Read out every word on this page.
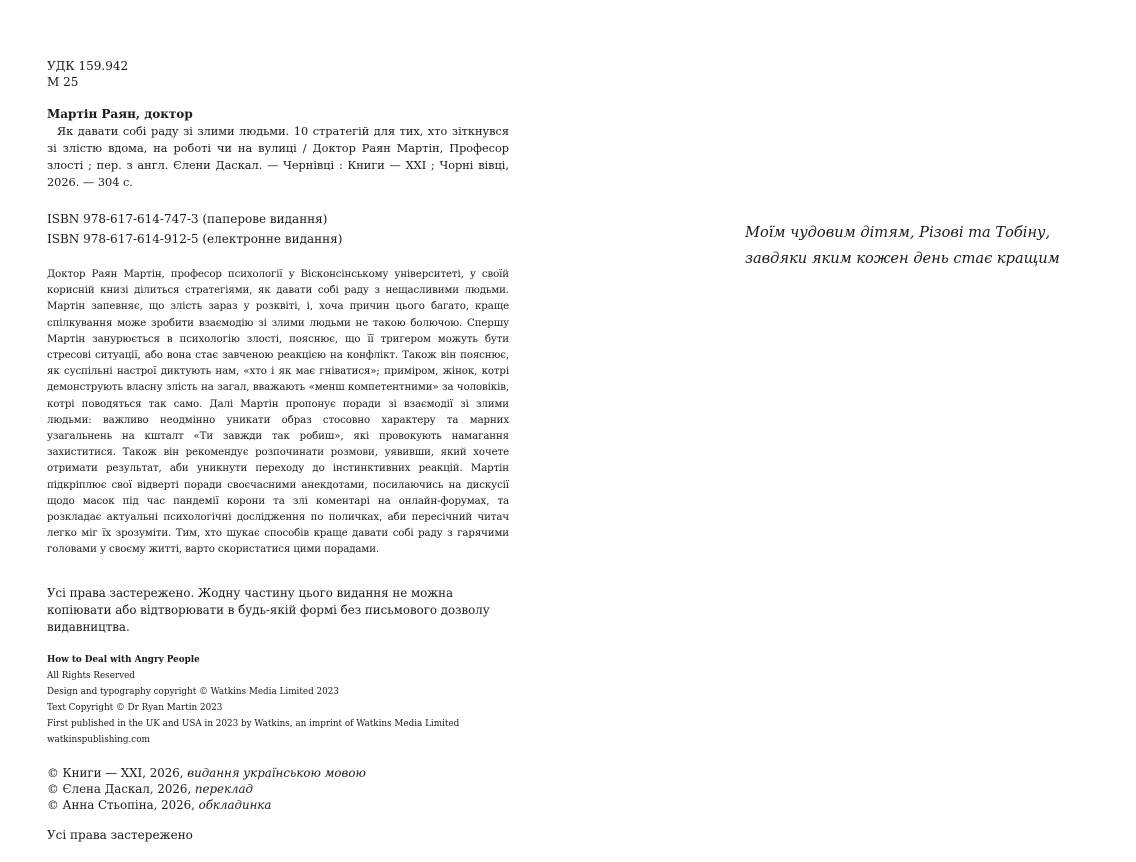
УДК 159.942
М 25
Мартін Раян, доктор

Як давати собі раду зі злими людьми. 10 стратегій для тих, хто зіткнувся зі злістю вдома, на роботі чи на вулиці / Доктор Раян Мартін, Професор злості ; пер. з англ. Єлени Даскал. — Чернівці : Книги — XXI ; Чорні вівці, 2026. — 304 с.

ISBN 978-617-614-747-3 (паперове видання)
ISBN 978-617-614-912-5 (електронне видання)

Доктор Раян Мартін, професор психології у Вісконсінському університеті, у своїй корисній книзі ділиться стратегіями, як давати собі раду з нещасливими людьми. Мартін запевняє, що злість зараз у розквіті, і, хоча причин цього багато, краще спілкування може зробити взаємодію зі злими людьми не такою болючою. Спершу Мартін занурюється в психологію злості, пояснює, що її тригером можуть бути стресові ситуації, або вона стає завченою реакцією на конфлікт. Також він пояснює, як суспільні настрої диктують нам, «хто і як має гніватися»; приміром, жінок, котрі демонструють власну злість на загал, вважають «менш компетентними» за чоловіків, котрі поводяться так само. Далі Мартін пропонує поради зі взаємодії зі злими людьми: важливо неодмінно уникати образ стосовно характеру та марних узагальнень на кшталт «Ти завжди так робиш», які провокують намагання захиститися. Також він рекомендує розпочинати розмови, уявивши, який хочете отримати результат, аби уникнути переходу до інстинктивних реакцій. Мартін підкріплює свої відверті поради своєчасними анекдотами, посилаючись на дискусії щодо масок під час пандемії корони та злі коментарі на онлайн-форумах, та розкладає актуальні психологічні дослідження по поличках, аби пересічний читач легко міг їх зрозуміти. Тим, хто шукає способів краще давати собі раду з гарячими головами у своєму житті, варто скористатися цими порадами.

Усі права застережено. Жодну частину цього видання не можна копіювати або відтворювати в будь-якій формі без письмового дозволу видавництва.

How to Deal with Angry People
All Rights Reserved
Design and typography copyright © Watkins Media Limited 2023
Text Copyright © Dr Ryan Martin 2023
First published in the UK and USA in 2023 by Watkins, an imprint of Watkins Media Limited
watkinspublishing.com
© Книги — XXI, 2026, видання українською мовою
© Єлена Даскал, 2026, переклад
© Анна Стьопіна, 2026, обкладинка
Усі права застережено
Моїм чудовим дітям, Різові та Тобіну,
завдяки яким кожен день стає кращим
